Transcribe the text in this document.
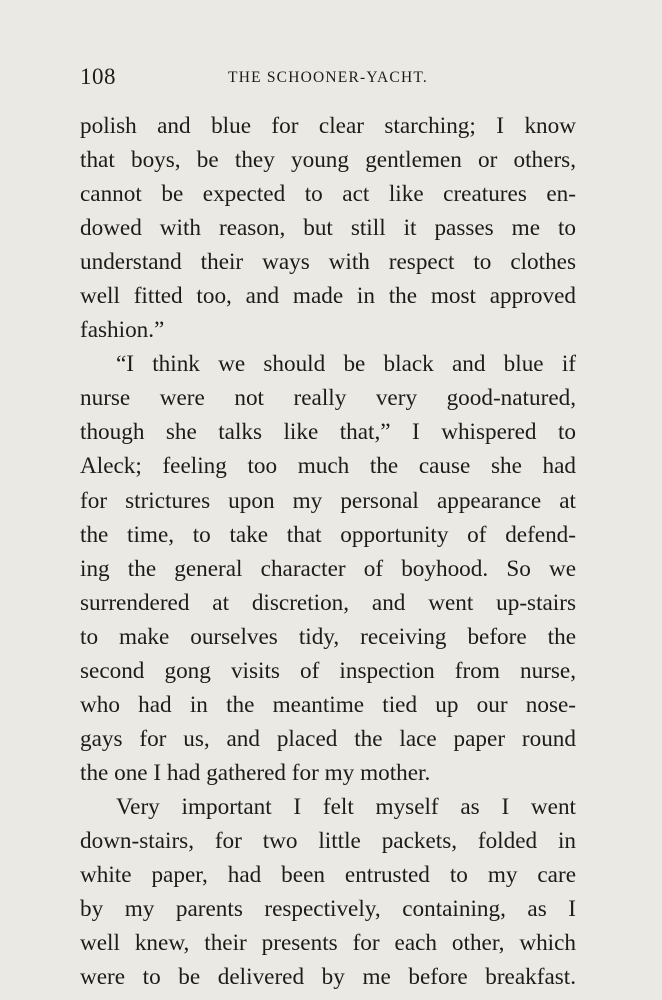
108	THE SCHOONER-YACHT.
polish and blue for clear starching; I know
that boys, be they young gentlemen or others,
cannot be expected to act like creatures en-
dowed with reason, but still it passes me to
understand their ways with respect to clothes
well fitted too, and made in the most approved
fashion.”
“I think we should be black and blue if
nurse were not really very good-natured,
though she talks like that,” I whispered to
Aleck; feeling too much the cause she had
for strictures upon my personal appearance at
the time, to take that opportunity of defend-
ing the general character of boyhood. So we
surrendered at discretion, and went up-stairs
to make ourselves tidy, receiving before the
second gong visits of inspection from nurse,
who had in the meantime tied up our nose-
gays for us, and placed the lace paper round
the one I had gathered for my mother.
Very important I felt myself as I went
down-stairs, for two little packets, folded in
white paper, had been entrusted to my care
by my parents respectively, containing, as I
well knew, their presents for each other, which
were to be delivered by me before breakfast.
